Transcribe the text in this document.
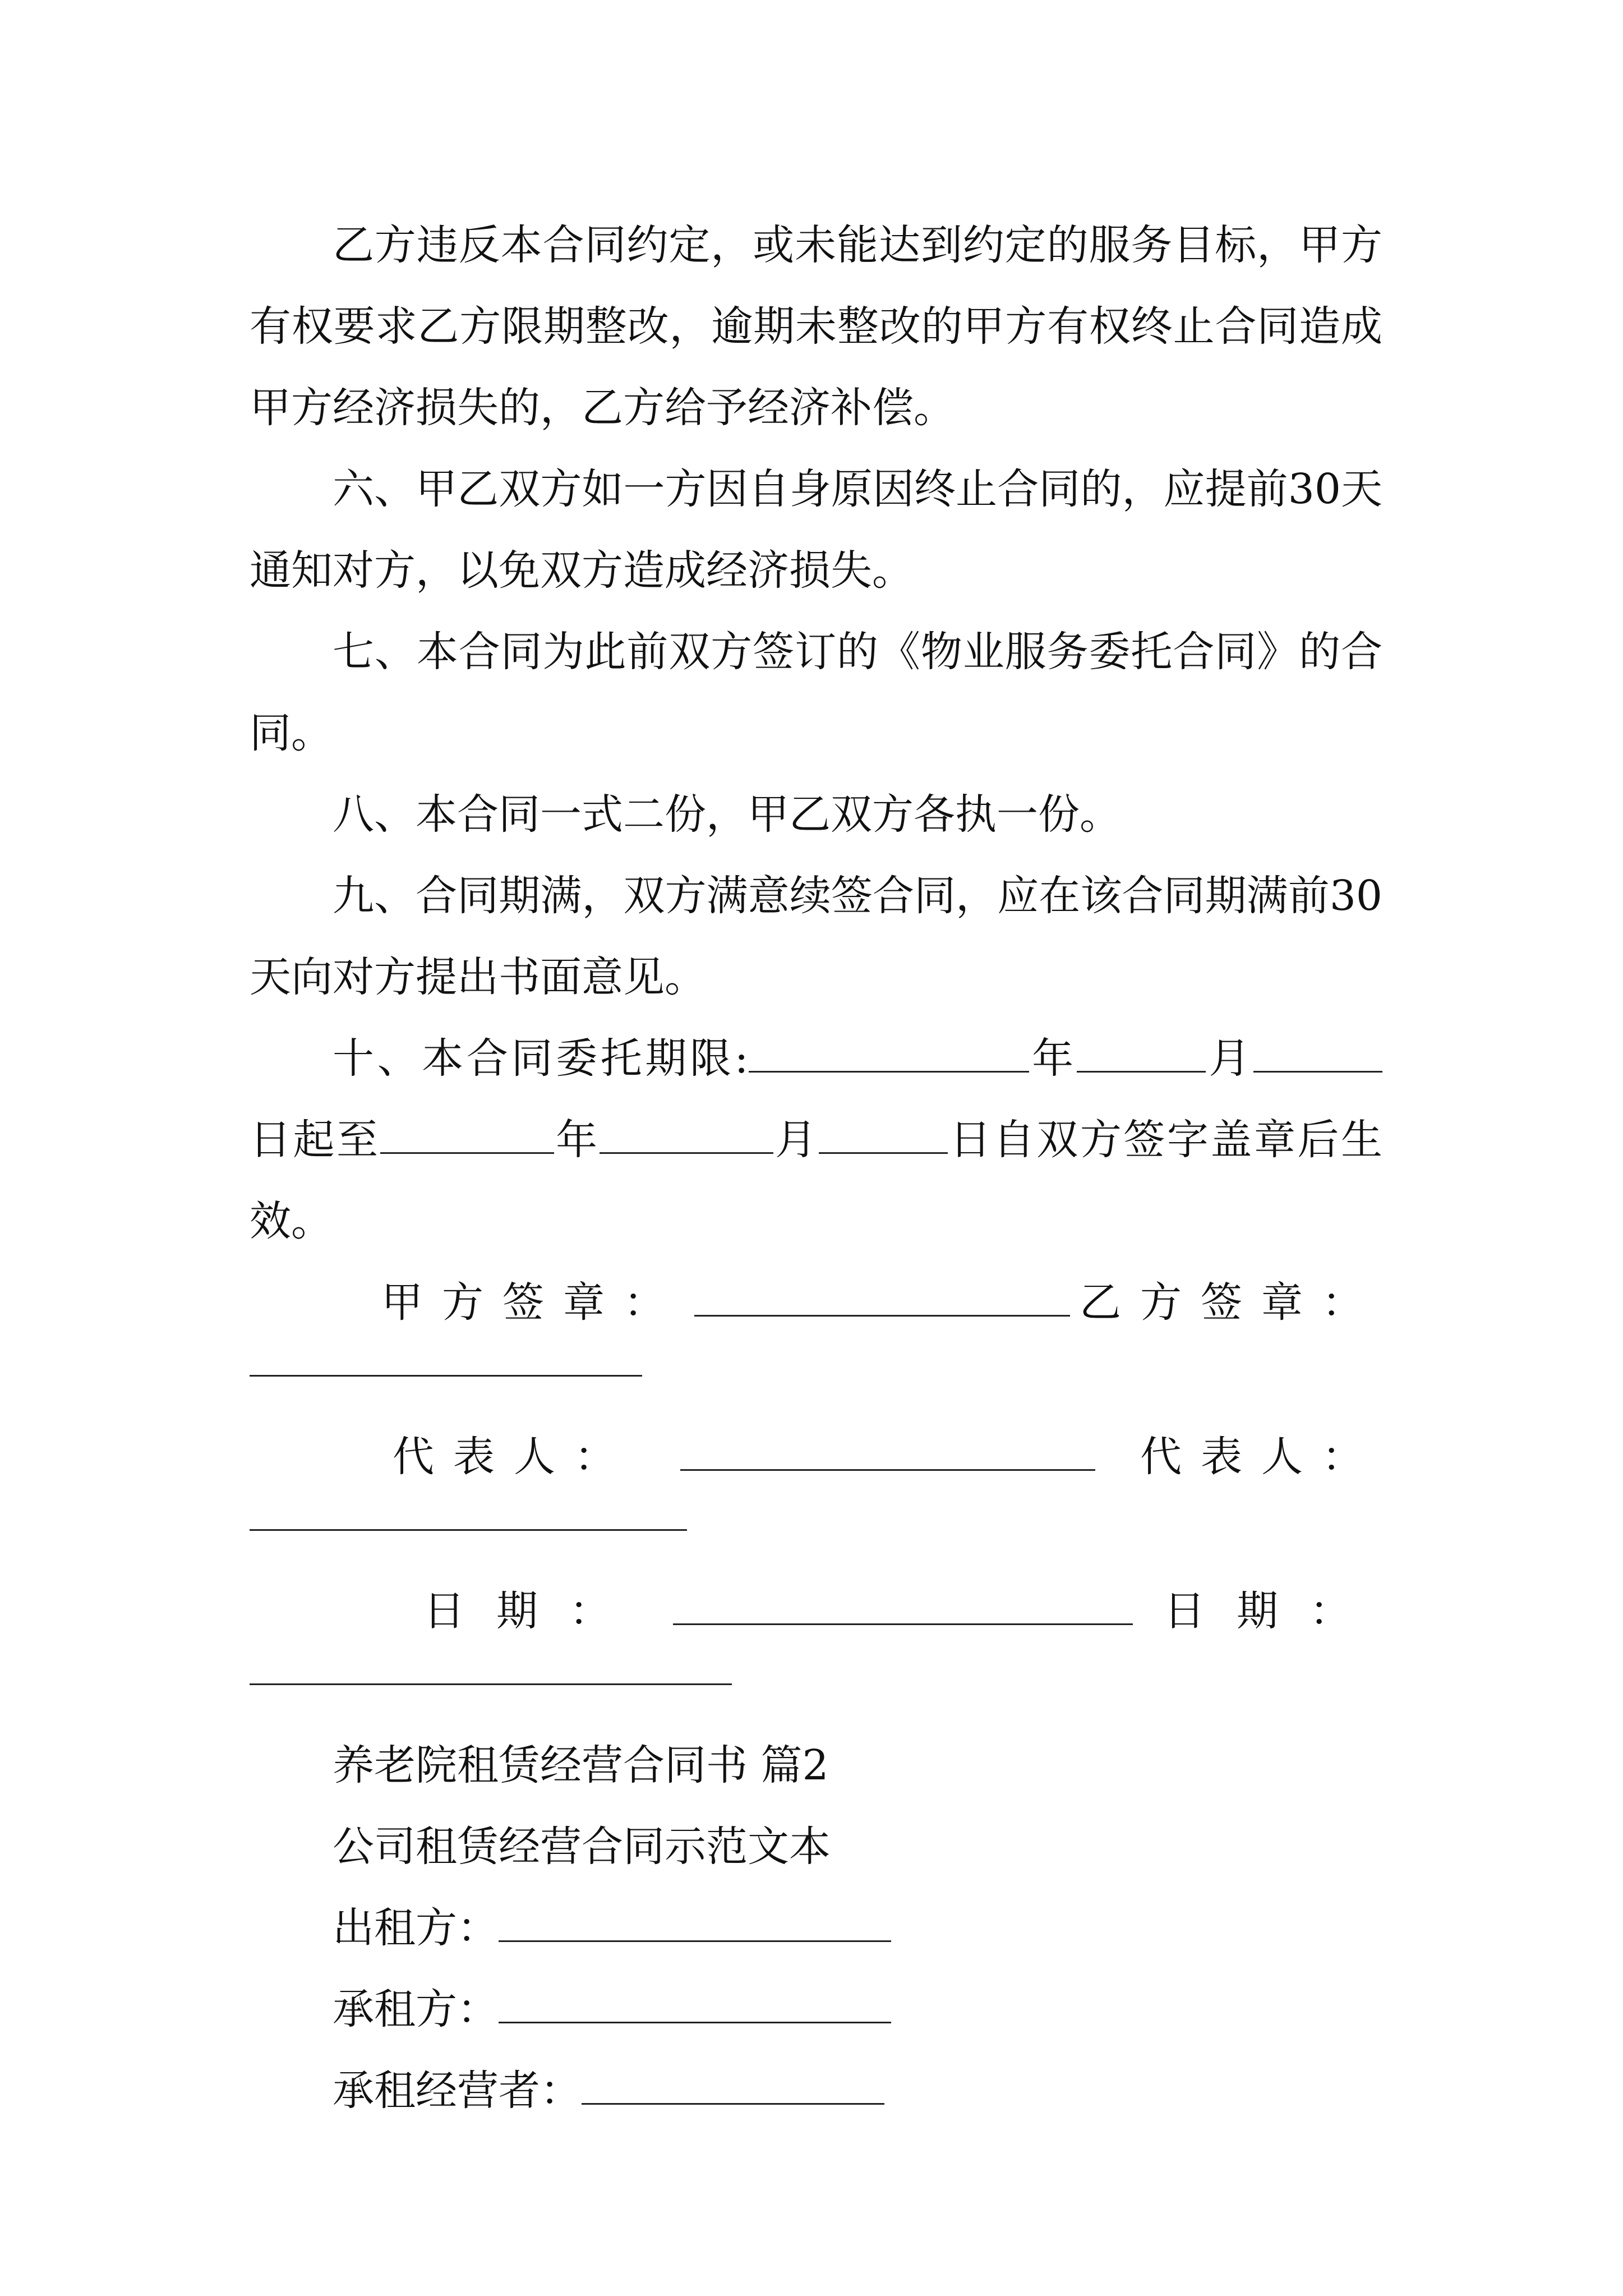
乙方违反本合同约定，或未能达到约定的服务目标，甲方有权要求乙方限期整改，逾期未整改的甲方有权终止合同造成甲方经济损失的，乙方给予经济补偿。

六、甲乙双方如一方因自身原因终止合同的，应提前30天通知对方，以免双方造成经济损失。

七、本合同为此前双方签订的《物业服务委托合同》的合同。

八、本合同一式二份，甲乙双方各执一份。

九、合同期满，双方满意续签合同，应在该合同期满前30天向对方提出书面意见。

十、本合同委托期限:	年	月日起至	年	月	日自双方签字盖章后生效。

甲方签章：	乙方签章：
代表人：	代表人：
日期：	日期：

养老院租赁经营合同书 篇2

公司租赁经营合同示范文本

出租方：

承租方：

承租经营者：
